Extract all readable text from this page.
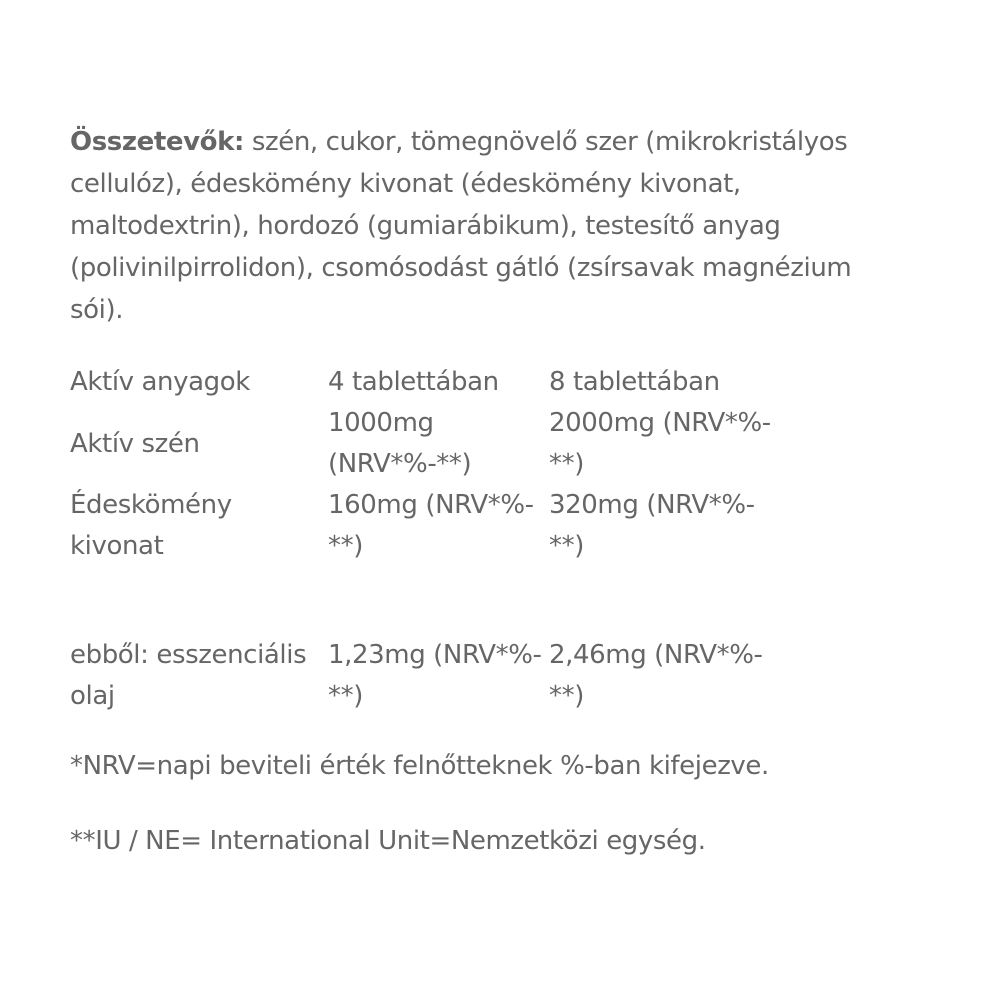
Összetevők: szén, cukor, tömegnövelő szer (mikrokristályos cellulóz), édeskömény kivonat (édeskömény kivonat, maltodextrin), hordozó (gumiarábikum), testesítő anyag (polivinilpirrolidon), csomósodást gátló (zsírsavak magnézium sói).

Aktív anyagok	4 tablettában	8 tablettában
Aktív szén	1000mg (NRV*%-**)	2000mg (NRV*%-**)
Édeskömény kivonat	160mg (NRV*%-**)	320mg (NRV*%-**)

ebből: esszenciális olaj	1,23mg (NRV*%-**)	2,46mg (NRV*%-**)

*NRV=napi beviteli érték felnőtteknek %-ban kifejezve.

**IU / NE= International Unit=Nemzetközi egység.
